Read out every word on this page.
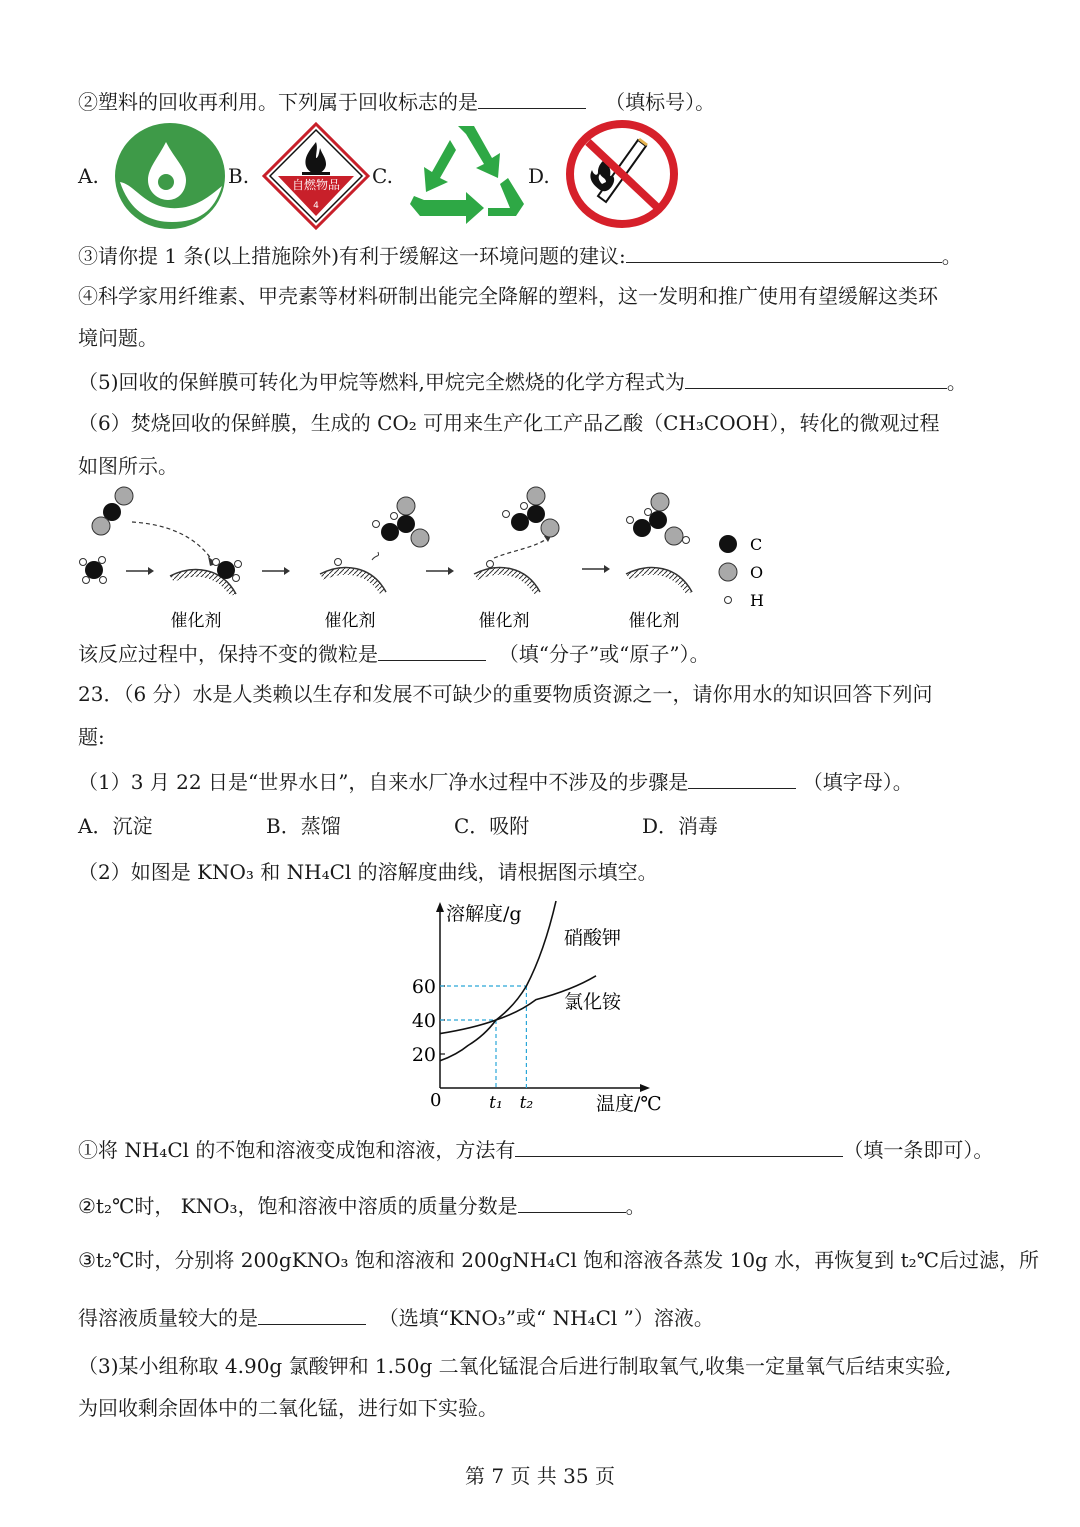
②塑料的回收再利用。下列属于回收标志的是	（填标号）。
A.	B.	自燃物品
4
C.	D.
③请你提 1 条(以上措施除外)有利于缓解这一环境问题的建议:	。
④科学家用纤维素、甲壳素等材料研制出能完全降解的塑料，这一发明和推广使用有望缓解这类环
境问题。
（5)回收的保鲜膜可转化为甲烷等燃料,甲烷完全燃烧的化学方程式为	。
（6）焚烧回收的保鲜膜，生成的 CO₂ 可用来生产化工产品乙酸（CH₃COOH），转化的微观过程
如图所示。
催化剂	催化剂	催化剂	催化剂
C
O
H
该反应过程中，保持不变的微粒是	（填“分子”或“原子”）。
23．（6 分）水是人类赖以生存和发展不可缺少的重要物质资源之一，请你用水的知识回答下列问
题:
（1）3 月 22 日是“世界水日”，自来水厂净水过程中不涉及的步骤是	（填字母）。
A．沉淀	B．蒸馏	C．吸附	D．消毒
（2）如图是 KNO₃ 和 NH₄Cl 的溶解度曲线，请根据图示填空。
溶解度/g
温度/℃
0
20
40
60
t₁ t₂
硝酸钾
氯化铵
①将 NH₄Cl 的不饱和溶液变成饱和溶液，方法有	（填一条即可）。
②t₂℃时， KNO₃，饱和溶液中溶质的质量分数是	。
③t₂℃时，分别将 200gKNO₃ 饱和溶液和 200gNH₄Cl 饱和溶液各蒸发 10g 水，再恢复到 t₂℃后过滤，所
得溶液质量较大的是	（选填“KNO₃”或“ NH₄Cl ”）溶液。
（3)某小组称取 4.90g 氯酸钾和 1.50g 二氧化锰混合后进行制取氧气,收集一定量氧气后结束实验,
为回收剩余固体中的二氧化锰，进行如下实验。
第 7 页 共 35 页
